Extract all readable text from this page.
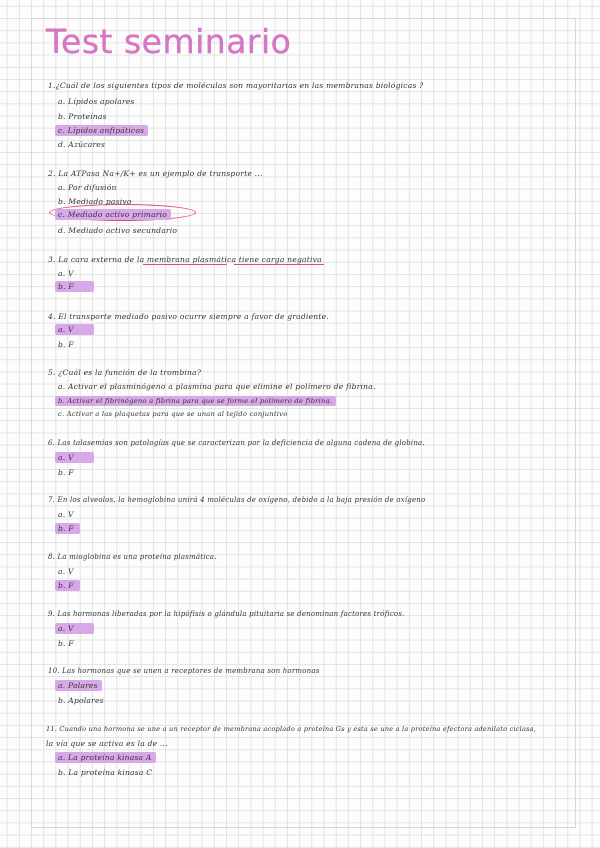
Test seminario
1.¿Cuál de los siguientes tipos de moléculas son mayoritarias en las membranas biológicas ?
a. Lípidos apolares
b. Proteínas
c. Lípidos anfipáticos
d. Azúcares
2. La ATPasa Na+/K+ es un ejemplo de transporte ...
a. Por difusión
b. Mediado pasivo
c. Mediado activo primario
d. Mediado activo secundario
3. La cara externa de la membrana plasmática tiene carga negativa
a. V
b. F
4. El transporte mediado pasivo ocurre siempre a favor de gradiente.
a. V
b. F
5. ¿Cuál es la función de la trombina?
a. Activar el plasminógeno a plasmina para que elimine el polímero de fibrina.
b. Activar el fibrinógeno a fibrina para que se forme el polímero de fibrina.
c. Activar a las plaquetas para que se unan al tejido conjuntivo
6. Las talasemias son patologías que se caracterizan por la deficiencia de alguna cadena de globina.
a. V
b. F
7. En los alveolos, la hemoglobina unirá 4 moléculas de oxígeno, debido a la baja presión de oxígeno
a. V
b. F
8. La mioglobina es una proteína plasmática.
a. V
b. F
9. Las hormonas liberadas por la hipófisis o glándula pituitaria se denominan factores tróficos.
a. V
b. F
10. Las hormonas que se unen a receptores de membrana son hormonas
a. Polares
b. Apolares
11. Cuando una hormona se une a un receptor de membrana acoplado a proteína Gs y esta se une a la proteína efectora adenilato ciclasa,
la vía que se activa es la de ...
a. La proteína kinasa A
b. La proteína kinasa C
